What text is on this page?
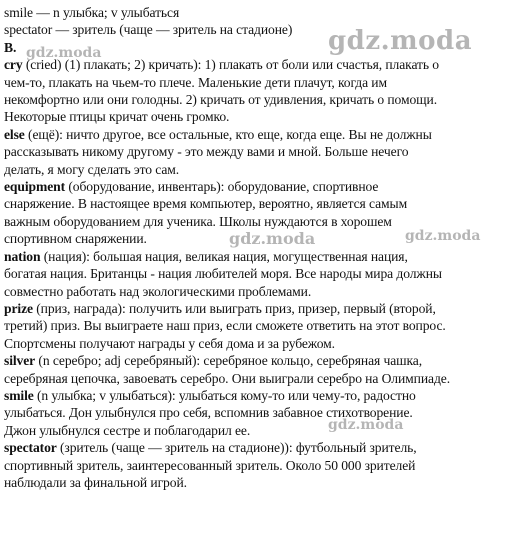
smile — n улыбка; v улыбаться
spectator — зритель (чаще — зритель на стадионе)
B.
cry (cried) (1) плакать; 2) кричать): 1) плакать от боли или счастья, плакать о
чем-то, плакать на чьем-то плече. Маленькие дети плачут, когда им
некомфортно или они голодны. 2) кричать от удивления, кричать о помощи.
Некоторые птицы кричат очень громко.
else (ещё): ничто другое, все остальные, кто еще, когда еще. Вы не должны
рассказывать никому другому - это между вами и мной. Больше нечего
делать, я могу сделать это сам.
equipment (оборудование, инвентарь): оборудование, спортивное
снаряжение. В настоящее время компьютер, вероятно, является самым
важным оборудованием для ученика. Школы нуждаются в хорошем
спортивном снаряжении.
nation (нация): большая нация, великая нация, могущественная нация,
богатая нация. Британцы - нация любителей моря. Все народы мира должны
совместно работать над экологическими проблемами.
prize (приз, награда): получить или выиграть приз, призер, первый (второй,
третий) приз. Вы выиграете наш приз, если сможете ответить на этот вопрос.
Спортсмены получают награды у себя дома и за рубежом.
silver (n серебро; adj серебряный): серебряное кольцо, серебряная чашка,
серебряная цепочка, завоевать серебро. Они выиграли серебро на Олимпиаде.
smile (n улыбка; v улыбаться): улыбаться кому-то или чему-то, радостно
улыбаться. Дон улыбнулся про себя, вспомнив забавное стихотворение.
Джон улыбнулся сестре и поблагодарил ее.
spectator (зритель (чаще — зритель на стадионе)): футбольный зритель,
спортивный зритель, заинтересованный зритель. Около 50 000 зрителей
наблюдали за финальной игрой.
gdz.moda
gdz.moda
gdz.moda	gdz.moda
gdz.moda
